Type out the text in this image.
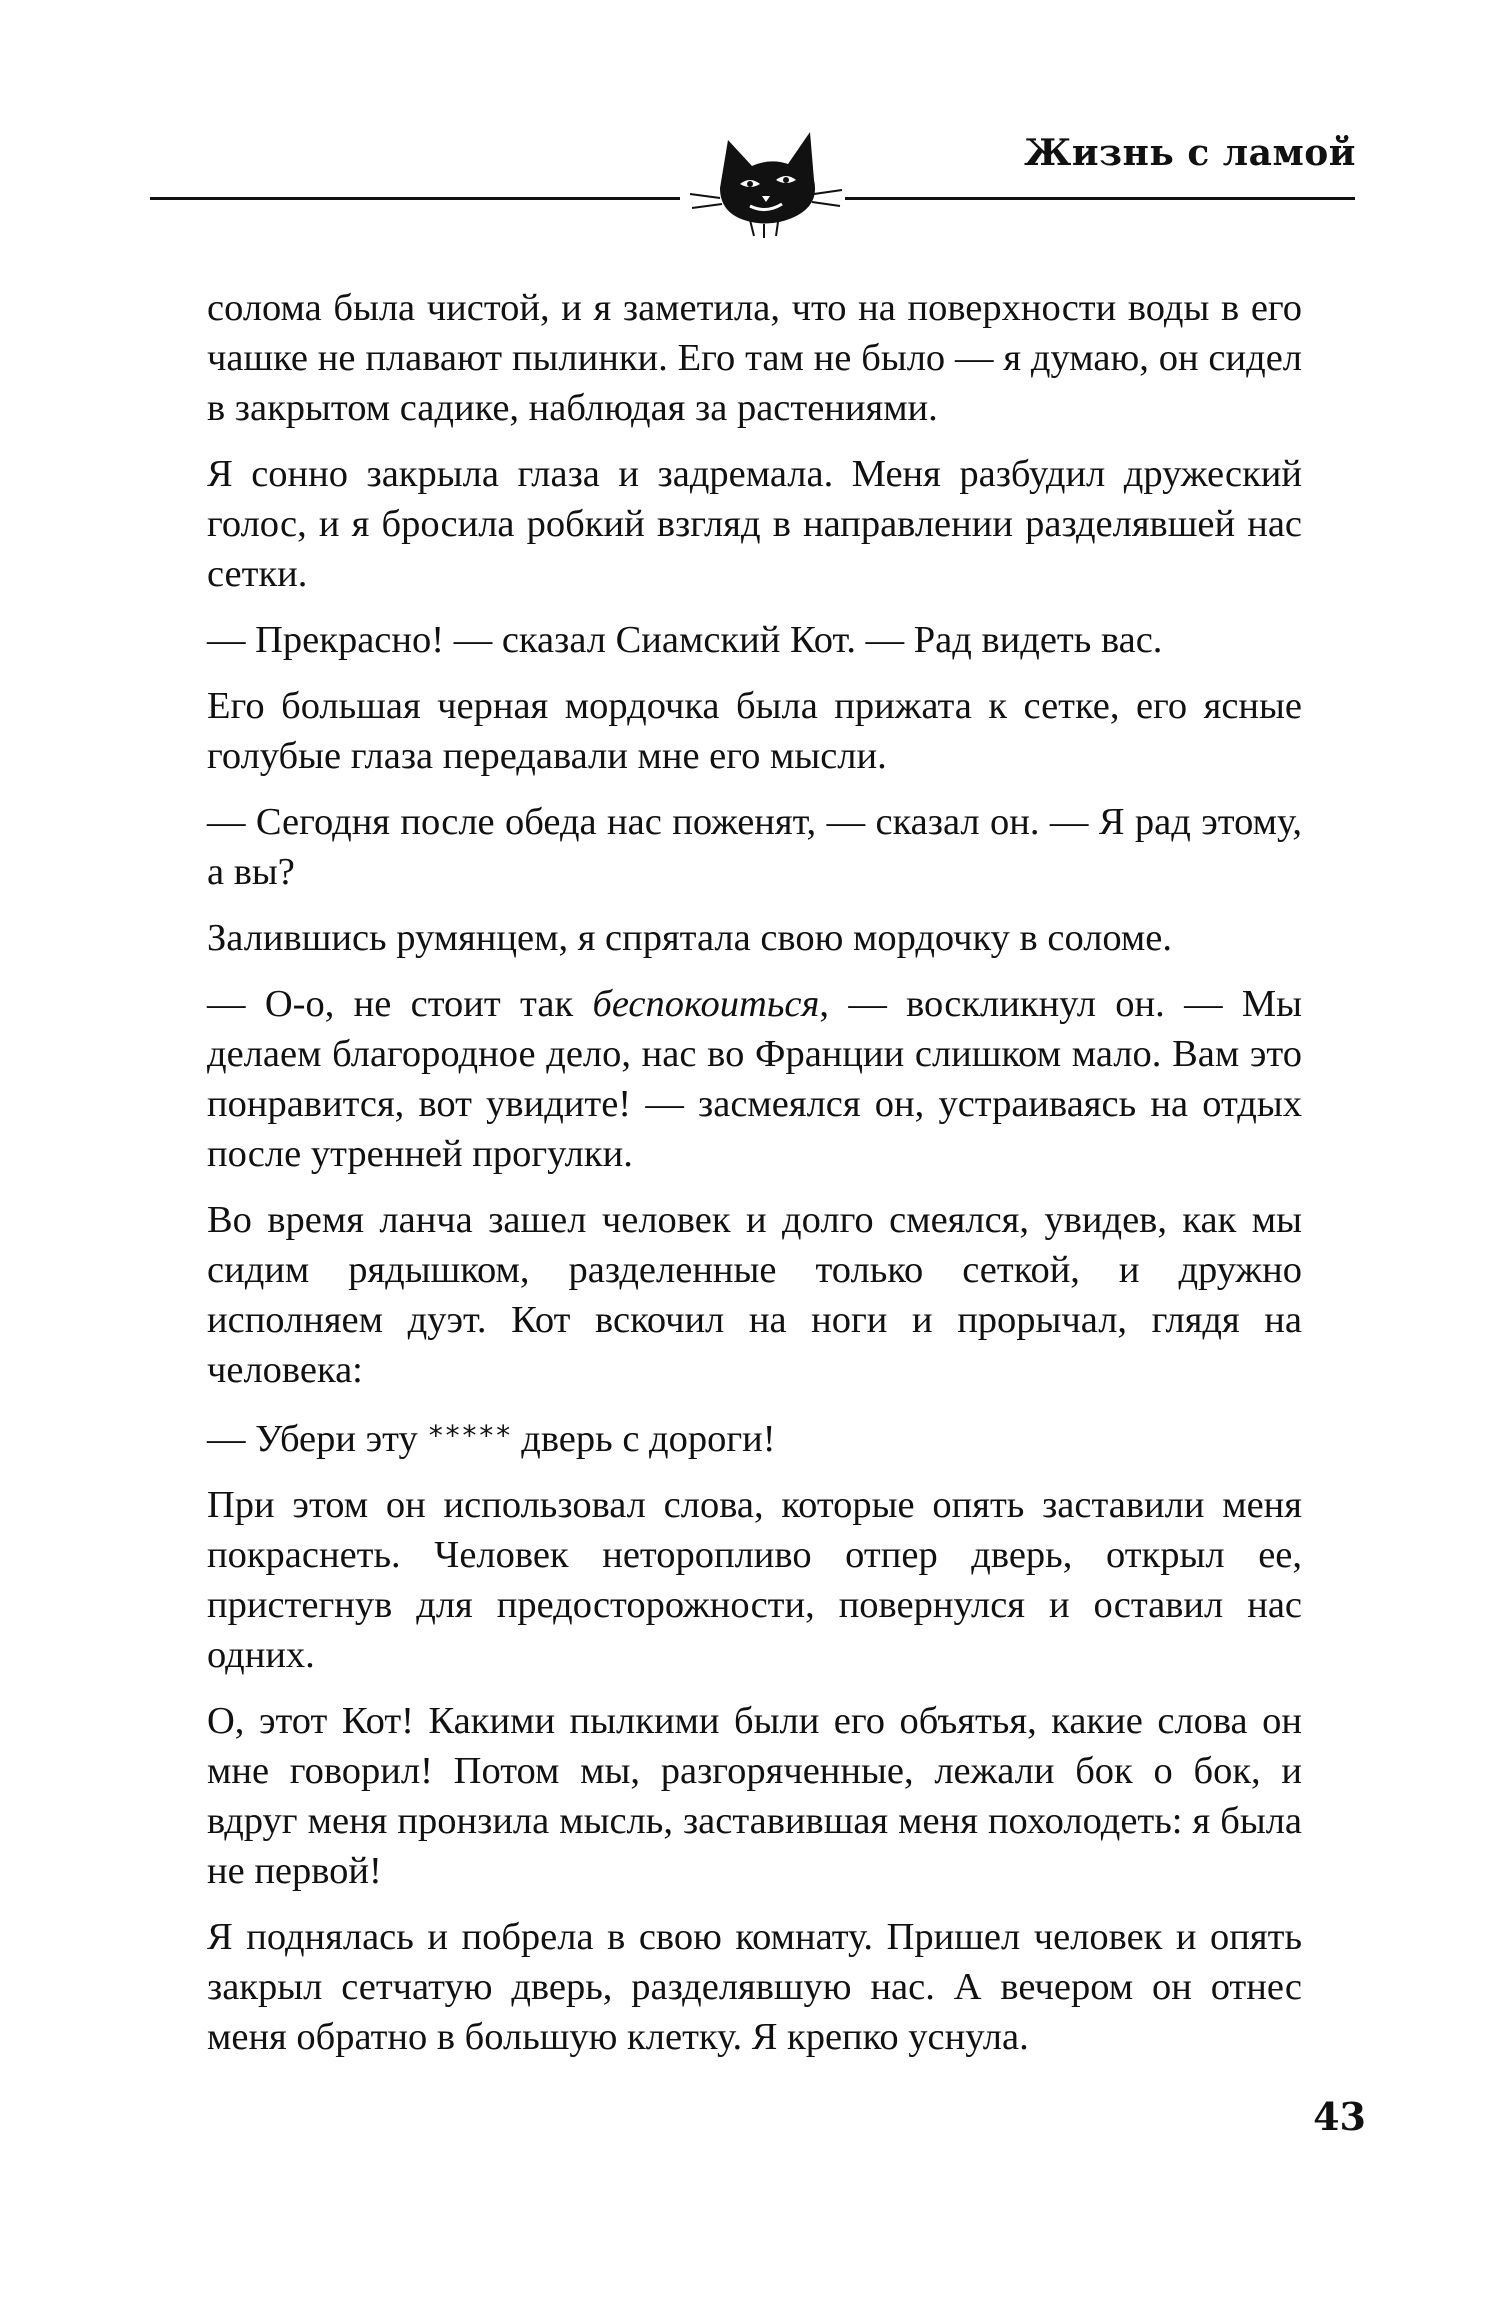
Жизнь с ламой

солома была чистой, и я заметила, что на поверхности воды в его чашке не плавают пылинки. Его там не было — я думаю, он сидел в закрытом садике, наблюдая за растениями.

Я сонно закрыла глаза и задремала. Меня разбудил дружеский голос, и я бросила робкий взгляд в направлении разделявшей нас сетки.

— Прекрасно! — сказал Сиамский Кот. — Рад видеть вас.

Его большая черная мордочка была прижата к сетке, его ясные голубые глаза передавали мне его мысли.

— Сегодня после обеда нас поженят, — сказал он. — Я рад этому, а вы?

Залившись румянцем, я спрятала свою мордочку в соломе.

— О-о, не стоит так беспокоиться, — воскликнул он. — Мы делаем благородное дело, нас во Франции слишком мало. Вам это понравится, вот увидите! — засмеялся он, устраиваясь на отдых после утренней прогулки.

Во время ланча зашел человек и долго смеялся, увидев, как мы сидим рядышком, разделенные только сеткой, и дружно исполняем дуэт. Кот вскочил на ноги и прорычал, глядя на человека:

— Убери эту ***** дверь с дороги!

При этом он использовал слова, которые опять заставили меня покраснеть. Человек неторопливо отпер дверь, открыл ее, пристегнув для предосторожности, повернулся и оставил нас одних.

О, этот Кот! Какими пылкими были его объятья, какие слова он мне говорил! Потом мы, разгоряченные, лежали бок о бок, и вдруг меня пронзила мысль, заставившая меня похолодеть: я была не первой!

Я поднялась и побрела в свою комнату. Пришел человек и опять закрыл сетчатую дверь, разделявшую нас. А вечером он отнес меня обратно в большую клетку. Я крепко уснула.

43
